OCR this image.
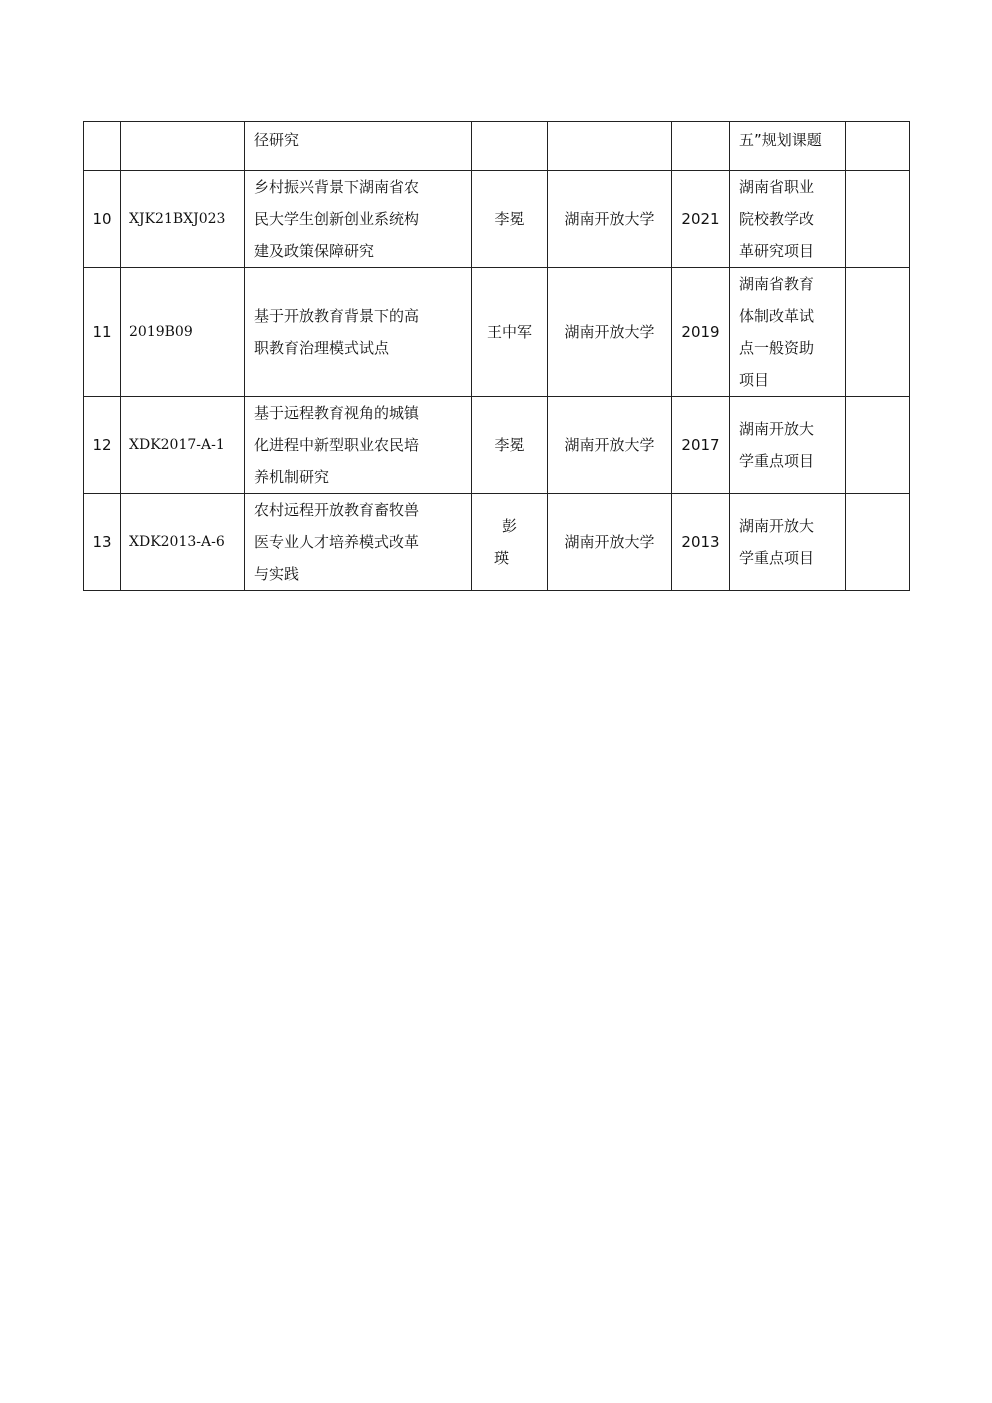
		径研究				五”规划课题	

10	XJK21BXJ023	乡村振兴背景下湖南省农
民大学生创新创业系统构
建及政策保障研究	李冕	湖南开放大学	2021	湖南省职业
院校教学改
革研究项目	

11	2019B09	基于开放教育背景下的高
职教育治理模式试点	王中军	湖南开放大学	2019	湖南省教育
体制改革试
点一般资助
项目	

12	XDK2017-A-1	基于远程教育视角的城镇
化进程中新型职业农民培
养机制研究	李冕	湖南开放大学	2017	湖南开放大
学重点项目	

13	XDK2013-A-6	农村远程开放教育畜牧兽
医专业人才培养模式改革
与实践	彭瑛	湖南开放大学	2013	湖南开放大
学重点项目	
